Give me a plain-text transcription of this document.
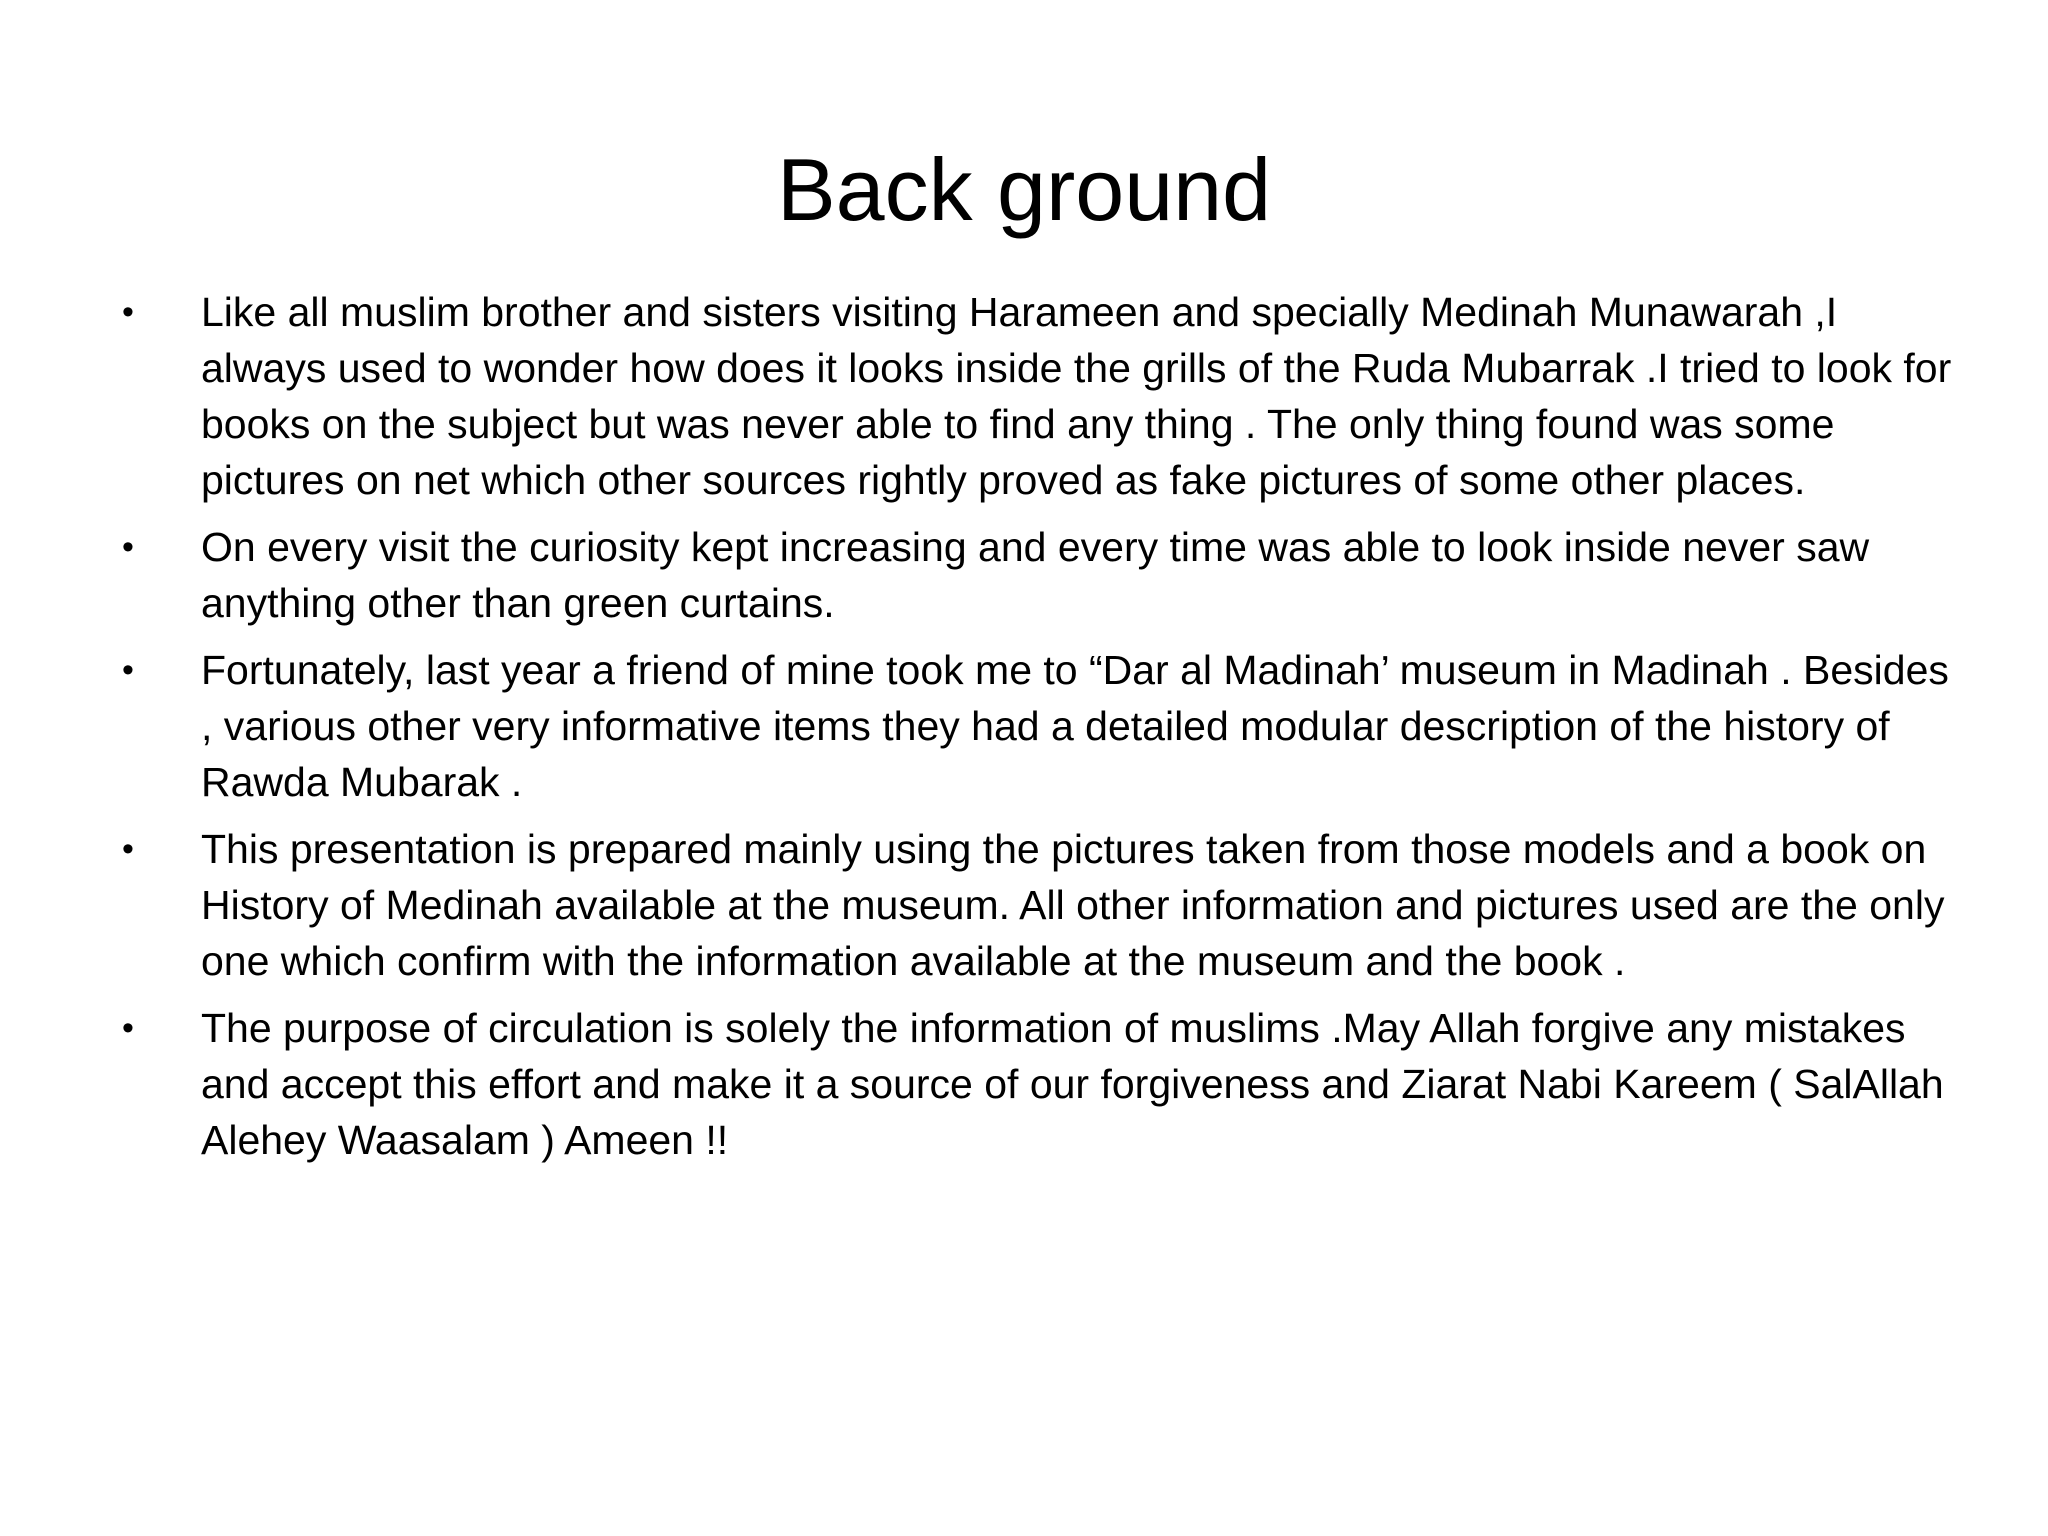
Back ground
•	Like all muslim brother and sisters visiting Harameen and specially Medinah Munawarah ,I always used to wonder how does it looks inside the grills of the Ruda Mubarrak .I tried to look for books on the subject but was never able to find any thing . The only thing found was some pictures on net which other sources rightly proved as fake pictures of some other places.
•	On every visit the curiosity kept increasing and every time was able to look inside never saw anything other than green curtains.
•	Fortunately, last year a friend of mine took me to “Dar al Madinah’ museum in Madinah . Besides , various other very informative items they had a detailed modular description of the history of Rawda Mubarak .
•	This presentation is prepared mainly using the pictures taken from those models and a book on History of Medinah available at the museum. All other information and pictures used are the only one which confirm with the information available at the museum and the book .
•	The purpose of circulation is solely the information of muslims .May Allah forgive any mistakes and accept this effort and make it a source of our forgiveness and Ziarat Nabi Kareem ( SalAllah Alehey Waasalam ) Ameen !!
